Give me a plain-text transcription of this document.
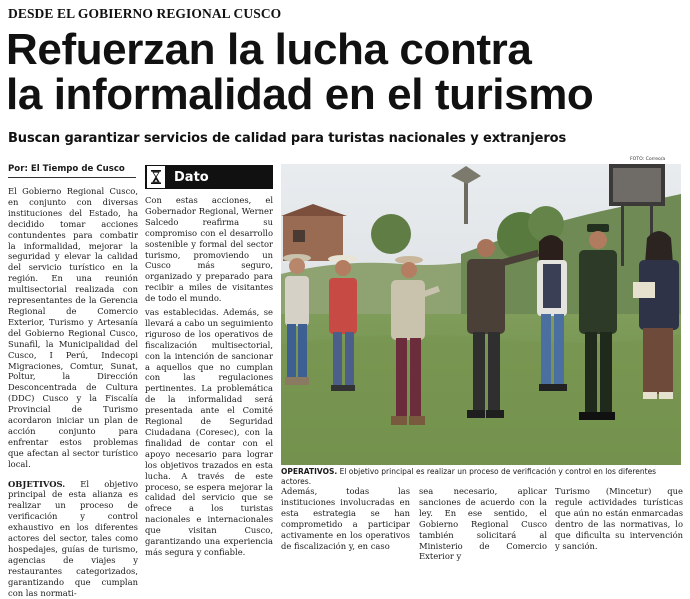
DESDE EL GOBIERNO REGIONAL CUSCO
Refuerzan la lucha contra
la informalidad en el turismo
Buscan garantizar servicios de calidad para turistas nacionales y extranjeros
Por: El Tiempo de Cusco

El Gobierno Regional Cusco, en conjunto con diversas instituciones del Estado, ha decidido tomar acciones contundentes para combatir la informalidad, mejorar la seguridad y elevar la calidad del servicio turístico en la región. En una reunión multisectorial realizada con representantes de la Gerencia Regional de Comercio Exterior, Turismo y Artesanía del Gobierno Regional Cusco, Sunafil, la Municipalidad del Cusco, I Perú, Indecopi Migraciones, Comtur, Sunat, Poltur, la Dirección Desconcentrada de Cultura (DDC) Cusco y la Fiscalía Provincial de Turismo acordaron iniciar un plan de acción conjunto para enfrentar estos problemas que afectan al sector turístico local.

OBJETIVOS. El objetivo principal de esta alianza es realizar un proceso de verificación y control exhaustivo en los diferentes actores del sector, tales como hospedajes, guías de turismo, agencias de viajes y restaurantes categorizados, garantizando que cumplan con las normati-

Dato

Con estas acciones, el Gobernador Regional, Werner Salcedo reafirma su compromiso con el desarrollo sostenible y formal del sector turismo, promoviendo un Cusco más seguro, organizado y preparado para recibir a miles de visitantes de todo el mundo.

vas establecidas. Además, se llevará a cabo un seguimiento riguroso de los operativos de fiscalización multisectorial, con la intención de sancionar a aquellos que no cumplan con las regulaciones pertinentes. La problemática de la informalidad será presentada ante el Comité Regional de Seguridad Ciudadana (Coresec), con la finalidad de contar con el apoyo necesario para lograr los objetivos trazados en esta lucha. A través de este proceso, se espera mejorar la calidad del servicio que se ofrece a los turistas nacionales e internacionales que visitan Cusco, garantizando una experiencia más segura y confiable.

FOTO: Correo/a
OPERATIVOS. El objetivo principal es realizar un proceso de verificación y control en los diferentes actores.

Además, todas las instituciones involucradas en esta estrategia se han comprometido a participar activamente en los operativos de fiscalización y, en caso

sea necesario, aplicar sanciones de acuerdo con la ley. En ese sentido, el Gobierno Regional Cusco también solicitará al Ministerio de Comercio Exterior y

Turismo (Mincetur) que regule actividades turísticas que aún no están enmarcadas dentro de las normativas, lo que dificulta su intervención y sanción.
